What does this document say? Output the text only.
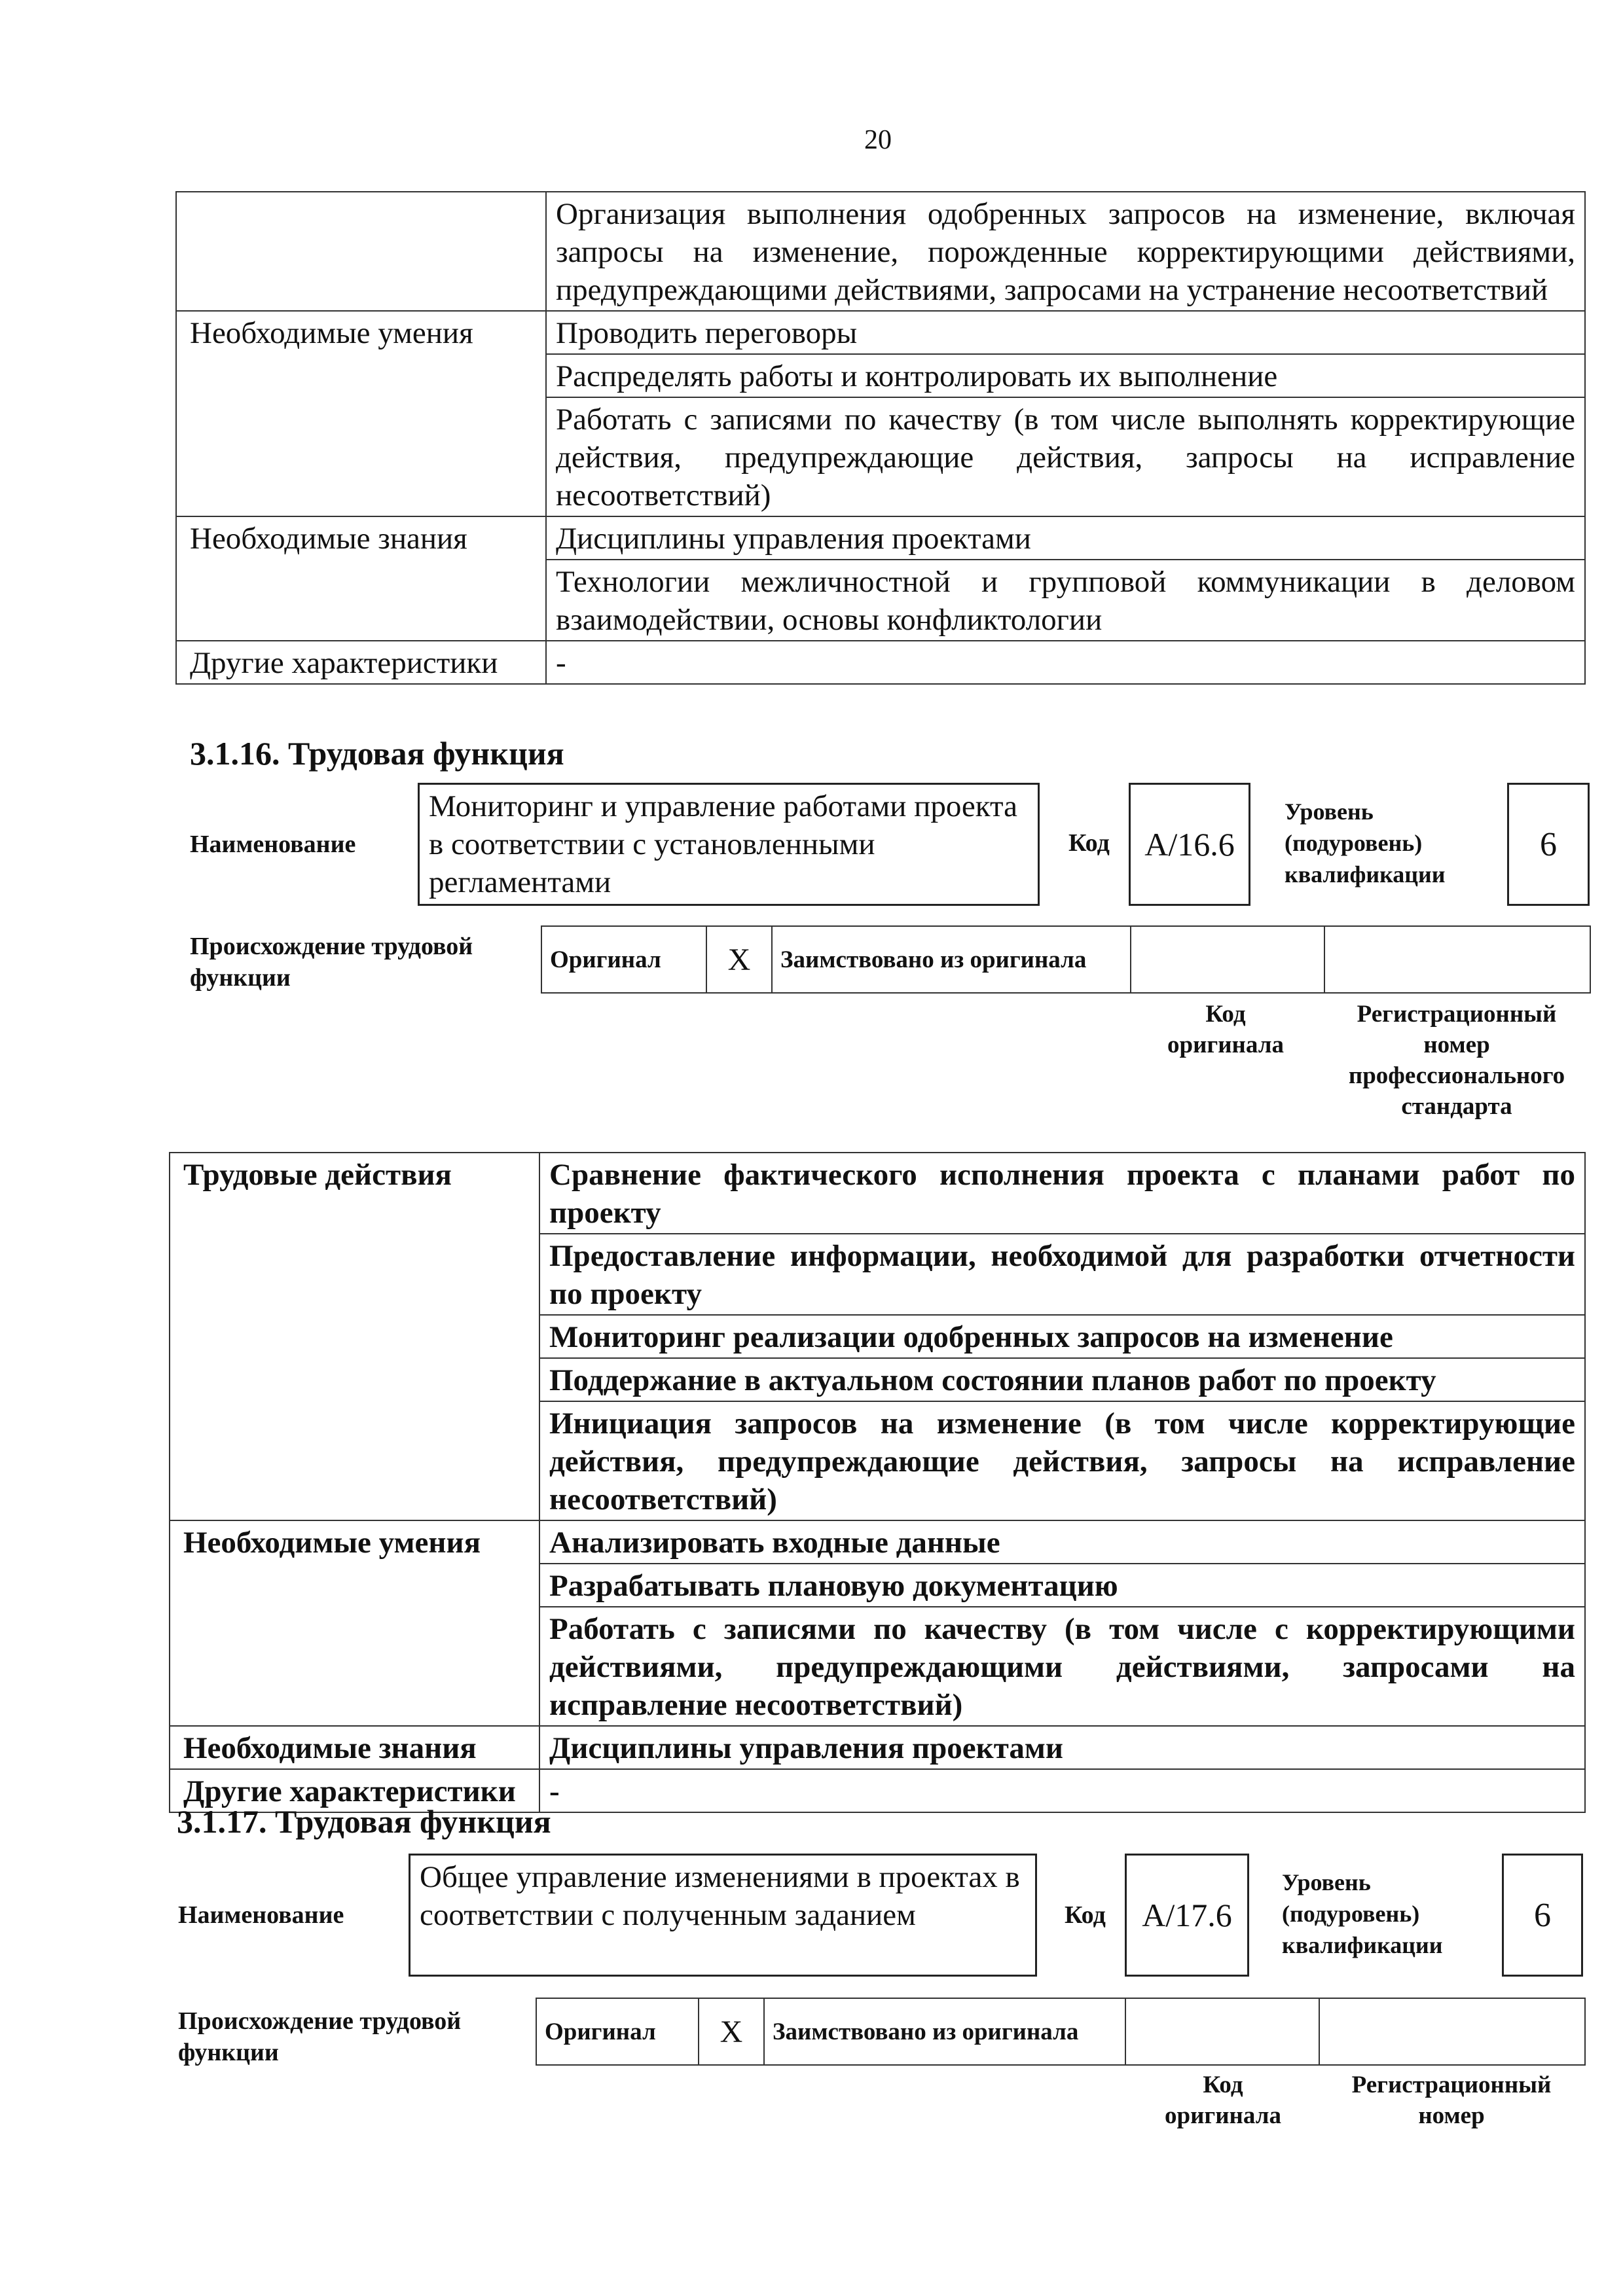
20
	Организация выполнения одобренных запросов на изменение, включая запросы на изменение, порожденные корректирующими действиями, предупреждающими действиями, запросами на устранение несоответствий
Необходимые умения	Проводить переговоры
	Распределять работы и контролировать их выполнение
	Работать с записями по качеству (в том числе выполнять корректирующие действия, предупреждающие действия, запросы на исправление несоответствий)
Необходимые знания	Дисциплины управления проектами
	Технологии межличностной и групповой коммуникации в деловом взаимодействии, основы конфликтологии
Другие характеристики	-
3.1.16. Трудовая функция
Наименование
Мониторинг и управление работами проекта в соответствии с установленными регламентами
Код	A/16.6
Уровень
(подуровень)
квалификации
6
Происхождение трудовой функции
Оригинал	X	Заимствовано из оригинала		
Код оригинала
Регистрационный номер профессионального стандарта
Трудовые действия	Сравнение фактического исполнения проекта с планами работ по проекту
	Предоставление информации, необходимой для разработки отчетности по проекту
	Мониторинг реализации одобренных запросов на изменение
	Поддержание в актуальном состоянии планов работ по проекту
	Инициация запросов на изменение (в том числе корректирующие действия, предупреждающие действия, запросы на исправление несоответствий)
Необходимые умения	Анализировать входные данные
	Разрабатывать плановую документацию
	Работать с записями по качеству (в том числе с корректирующими действиями, предупреждающими действиями, запросами на исправление несоответствий)
Необходимые знания	Дисциплины управления проектами
Другие характеристики	-
3.1.17. Трудовая функция
Наименование
Общее управление изменениями в проектах в соответствии с полученным заданием	Код	A/17.6
Уровень
(подуровень)
квалификации
6
Происхождение трудовой функции
Оригинал	X	Заимствовано из оригинала		
Код оригинала
Регистрационный номер
